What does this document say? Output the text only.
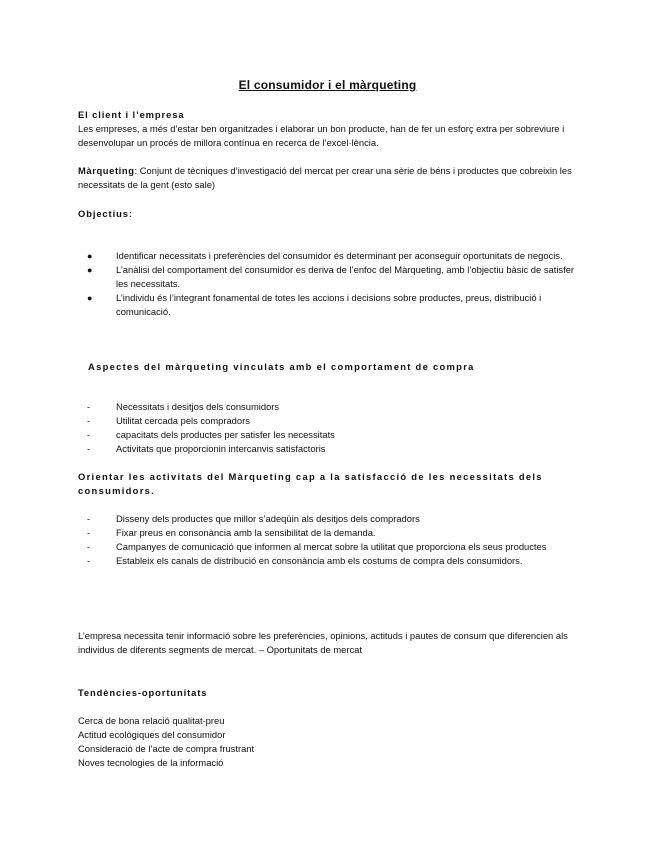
El consumidor i el màrqueting
El client i l’empresa

Les empreses, a més d’estar ben organitzades i elaborar un bon producte, han de fer un esforç extra per sobreviure i desenvolupar un procés de millora contínua en recerca de l’excel·lència.

Màrqueting: Conjunt de tècniques d’investigació del mercat per crear una sèrie de béns i productes que cobreixin les necessitats de la gent (esto sale)

Objectius:
●	Identificar necessitats i preferències del consumidor és determinant per aconseguir oportunitats de negocis.
●	L’anàlisi del comportament del consumidor es deriva de l’enfoc del Màrqueting, amb l’objectiu bàsic de satisfer les necessitats.
●	L’individu és l’integrant fonamental de totes les accions i decisions sobre productes, preus, distribució i comunicació.
Aspectes del màrqueting vinculats amb el comportament de compra
-	Necessitats i desitjos dels consumidors
-	Utilitat cercada pels compradors
-	capacitats dels productes per satisfer les necessitats
-	Activitats que proporcionin intercanvis satisfactoris
Orientar les activitats del Màrqueting cap a la satisfacció de les necessitats dels consumidors.
-	Disseny dels productes que millor s’adeqüin als desitjos dels compradors
-	Fixar preus en consonància amb la sensibilitat de la demanda.
-	Campanyes de comunicació que informen al mercat sobre la utilitat que proporciona els seus productes
-	Estableix els canals de distribució en consonància amb els costums de compra dels consumidors.

L’empresa necessita tenir informació sobre les preferències, opinions, actituds i pautes de consum que diferencien als individus de diferents segments de mercat. – Oportunitats de mercat

Tendències-oportunitats

Cerca de bona relació qualitat-preu

Actitud ecològiques del consumidor

Consideració de l’acte de compra frustrant

Noves tecnologies de la informació
